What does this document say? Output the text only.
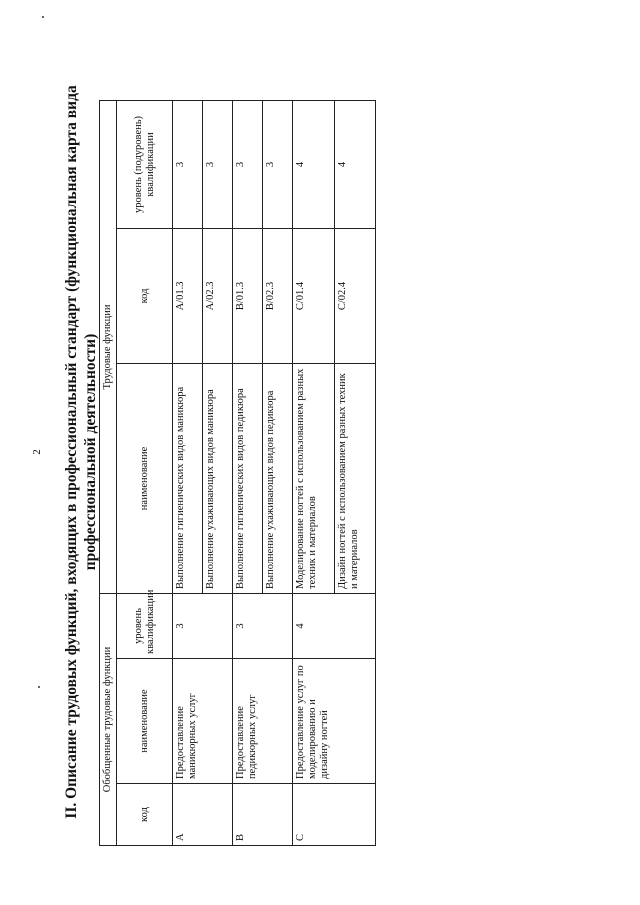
2 II. Описание трудовых функций, входящих в профессиональный стандарт (функциональная карта вида профессиональной деятельности)
Обобщенные трудовые функции			Трудовые функции		
код	наименование	уровень квалификации	наименование	код	уровень (подуровень) квалификации
A	Предоставление маникюрных услуг	3	Выполнение гигиенических видов маникюра	A/01.3	3
			Выполнение ухаживающих видов маникюра	A/02.3	3
B	Предоставление педикюрных услуг	3	Выполнение гигиенических видов педикюра	B/01.3	3
			Выполнение ухаживающих видов педикюра	B/02.3	3
C	Предоставление услуг по моделированию и дизайну ногтей	4	Моделирование ногтей с использованием разных техник и материалов	C/01.4	4
			Дизайн ногтей с использованием разных техник и материалов	C/02.4	4
